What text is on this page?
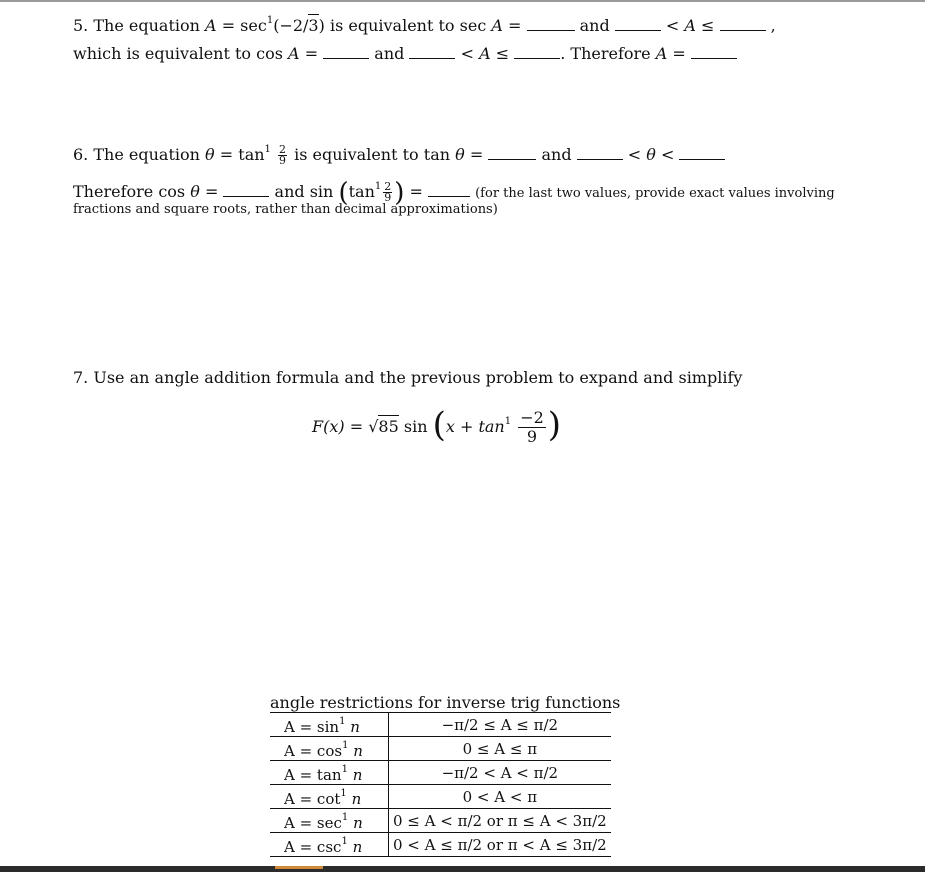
5. The equation $A = \sec^1(-2/3)$ is equivalent to sec A =	and	< A ≤	,
which is equivalent to cos A =	and	< A ≤	. Therefore A =
6. The equation $\theta = \tan^1 \frac{2}{9}$ is equivalent to tan θ =	and	< θ <
Therefore cos θ =	and $\sin (\tan^1 \frac{2}{9}$ ) =	(for the last two values, provide exact values involving
fractions and square roots, rather than decimal approximations)
7. Use an angle addition formula and the previous problem to expand and simplify
F(x) = √85 $\sin (x + \tan^1 \frac{-2}{9}$ )
angle restrictions for inverse trig functions
$A = \sin^1 n$	−π/2 ≤ A ≤ π/2
$A = \cos^1 n$	0 ≤ A ≤ π
$A = \tan^1 n$	−π/2 < A < π/2
$A = \cot^1 n$	0 < A < π
$A = \sec^1 n$	0 ≤ A < π/2 or π ≤ A < 3π/2
$A = \csc^1 n$	0 < A ≤ π/2 or π < A ≤ 3π/2
